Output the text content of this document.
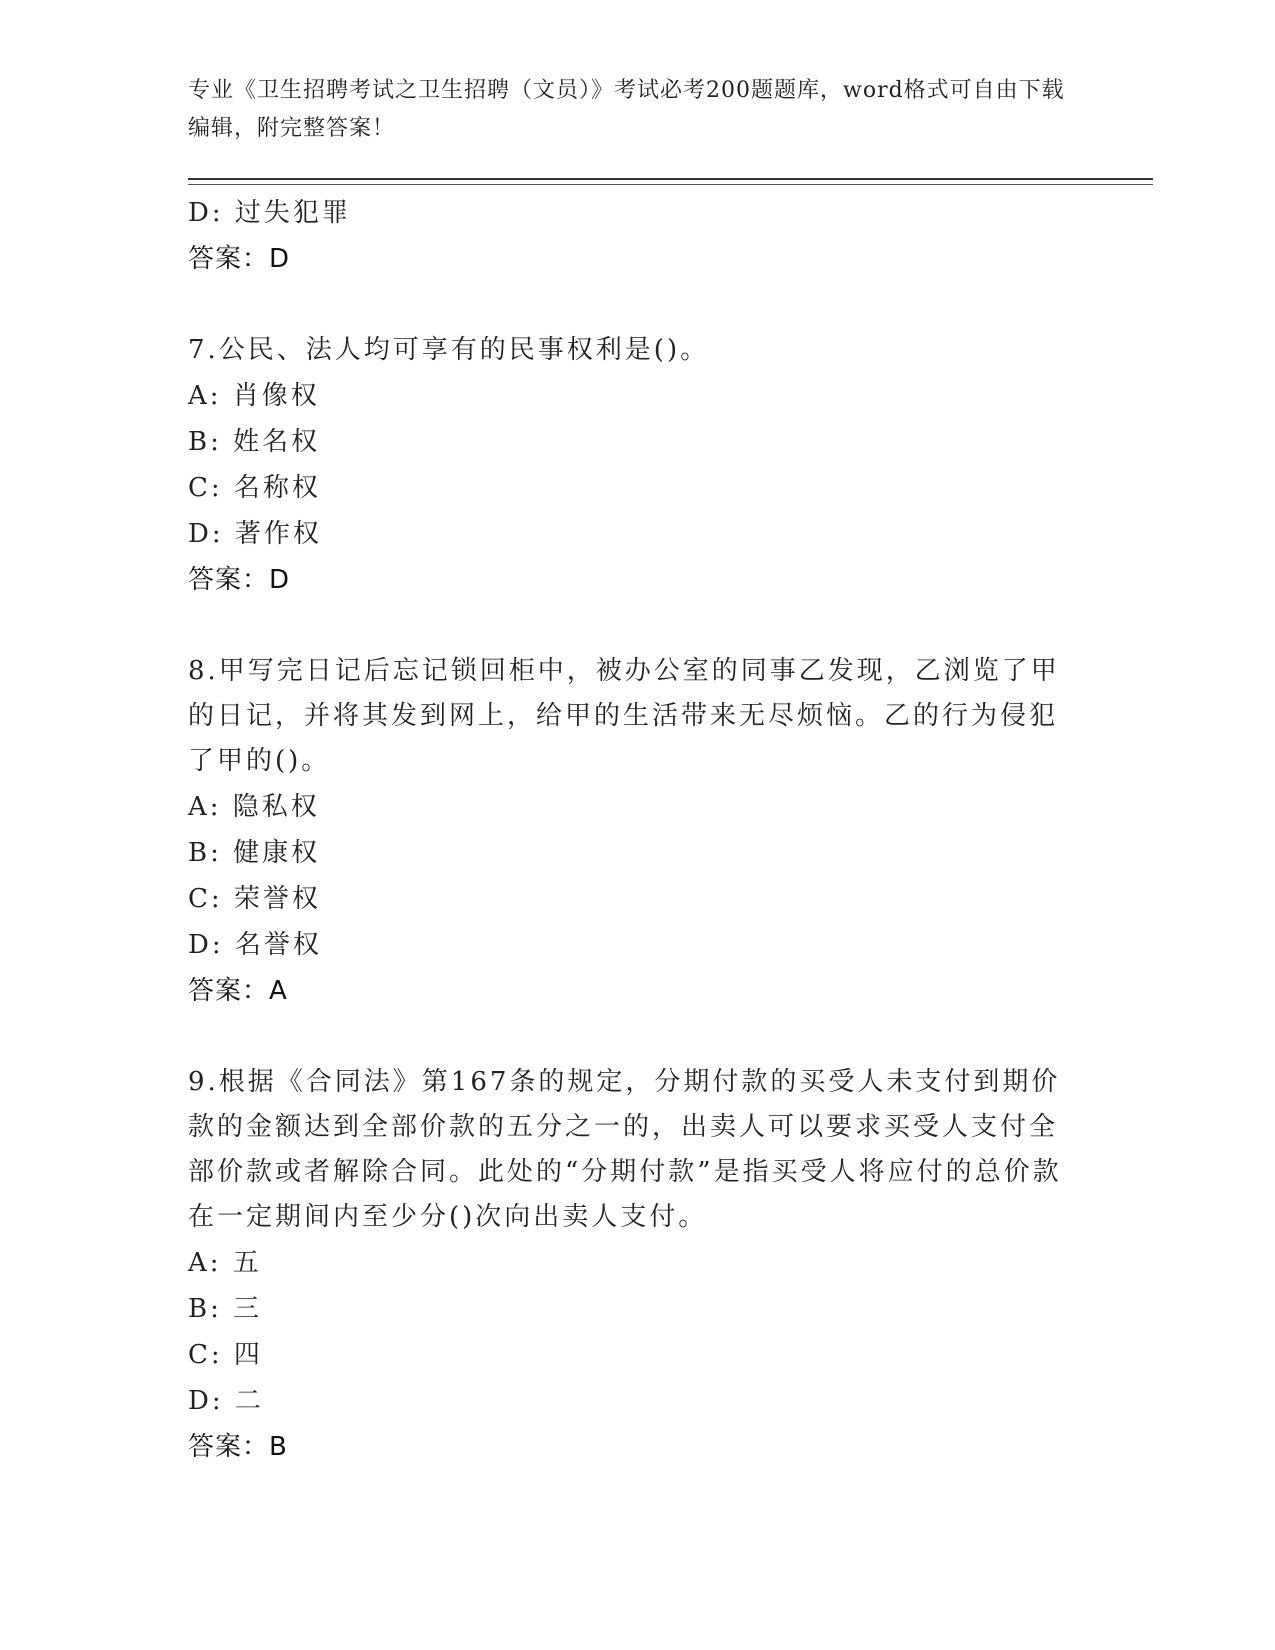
专业《卫生招聘考试之卫生招聘（文员）》考试必考200题题库，word格式可自由下载编辑，附完整答案！
D: 过失犯罪
答案：D
7.公民、法人均可享有的民事权利是()。
A: 肖像权
B: 姓名权
C: 名称权
D: 著作权
答案：D
8.甲写完日记后忘记锁回柜中，被办公室的同事乙发现，乙浏览了甲的日记，并将其发到网上，给甲的生活带来无尽烦恼。乙的行为侵犯了甲的()。
A: 隐私权
B: 健康权
C: 荣誉权
D: 名誉权
答案：A
9.根据《合同法》第167条的规定，分期付款的买受人未支付到期价款的金额达到全部价款的五分之一的，出卖人可以要求买受人支付全部价款或者解除合同。此处的“分期付款”是指买受人将应付的总价款在一定期间内至少分()次向出卖人支付。
A: 五
B: 三
C: 四
D: 二
答案：B
